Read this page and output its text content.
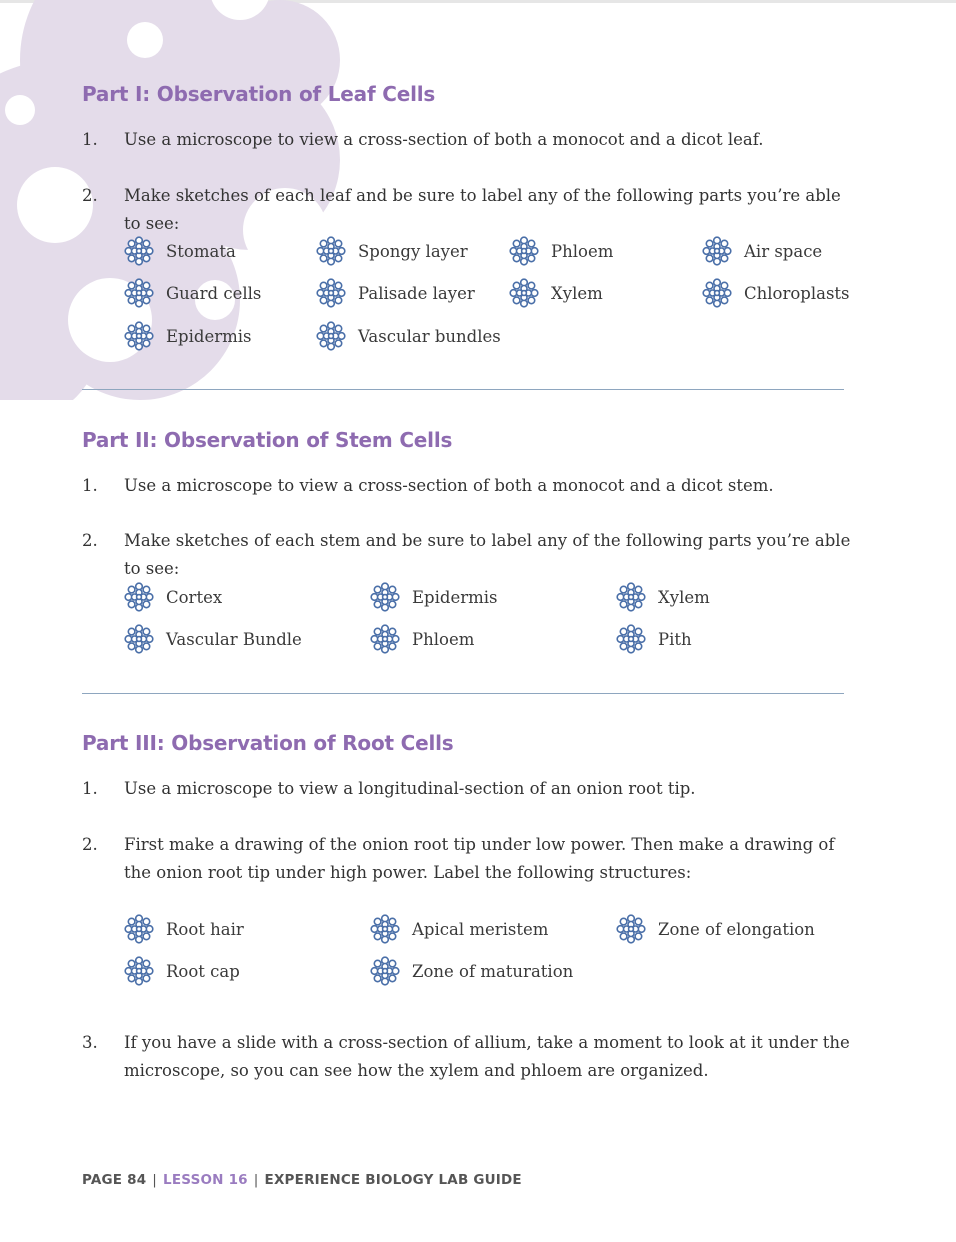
Part I: Observation of Leaf Cells
1.	Use a microscope to view a cross-section of both a monocot and a dicot leaf.
2.	Make sketches of each leaf and be sure to label any of the following parts you’re able to see:
Stomata
Guard cells
Epidermis
Spongy layer
Palisade layer
Vascular bundles
Phloem
Xylem
Air space
Chloroplasts
Part II: Observation of Stem Cells
1.	Use a microscope to view a cross-section of both a monocot and a dicot stem.
2.	Make sketches of each stem and be sure to label any of the following parts you’re able to see:
Cortex
Vascular Bundle
Epidermis
Phloem
Xylem
Pith
Part III: Observation of Root Cells
1.	Use a microscope to view a longitudinal-section of an onion root tip.
2.	First make a drawing of the onion root tip under low power. Then make a drawing of the onion root tip under high power. Label the following structures:
Root hair
Root cap
Apical meristem
Zone of maturation
Zone of elongation
3.	If you have a slide with a cross-section of allium, take a moment to look at it under the microscope, so you can see how the xylem and phloem are organized.
PAGE 84 | LESSON 16 | EXPERIENCE BIOLOGY LAB GUIDE
